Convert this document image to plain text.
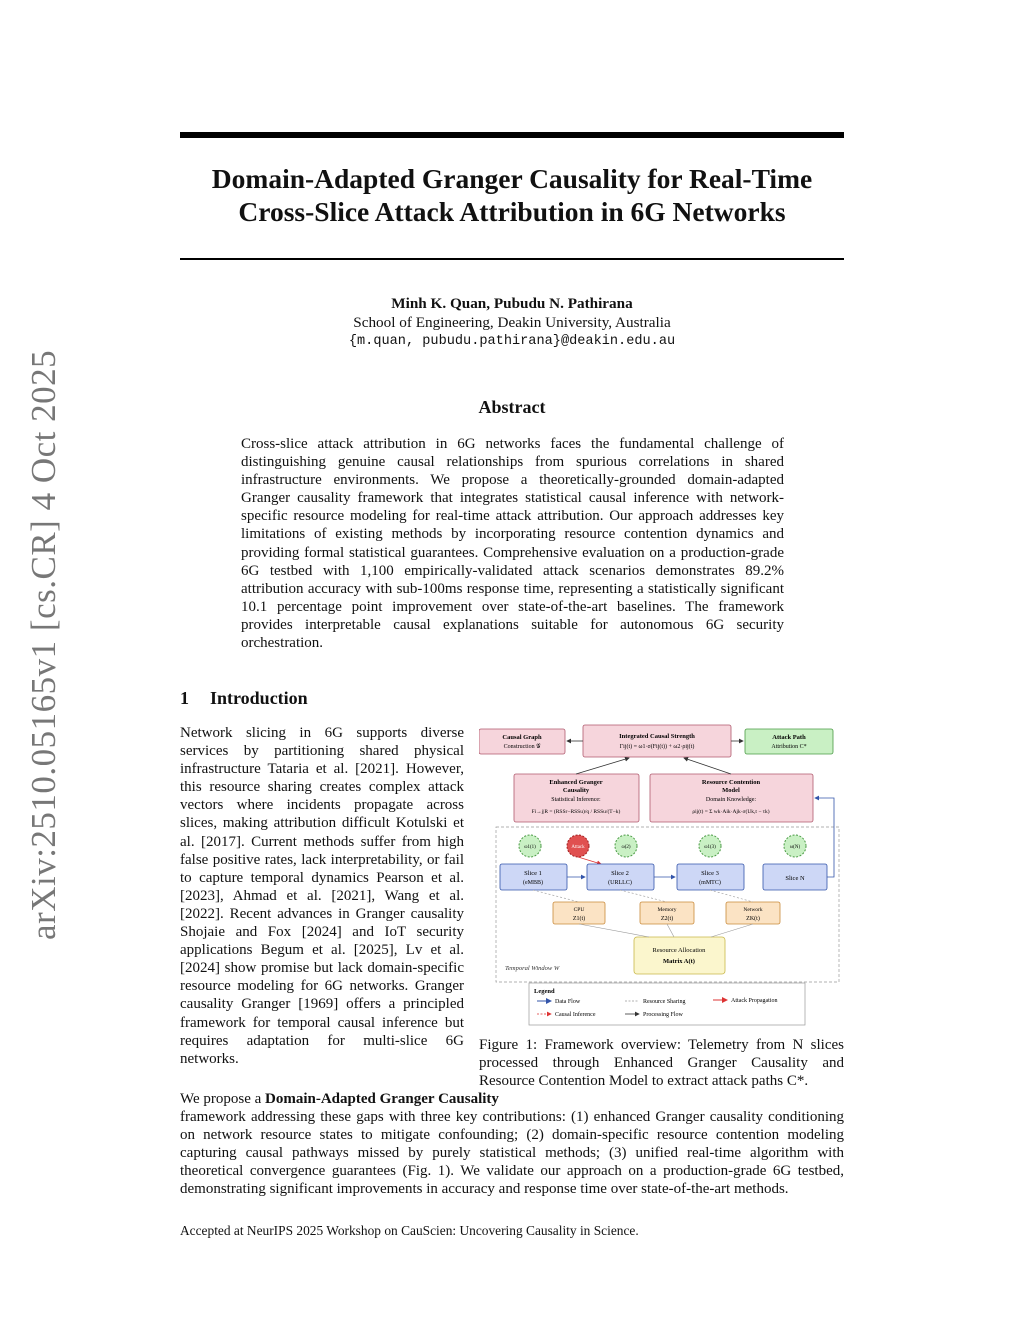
Domain-Adapted Granger Causality for Real-Time
Cross-Slice Attack Attribution in 6G Networks
Minh K. Quan, Pubudu N. Pathirana
School of Engineering, Deakin University, Australia
{m.quan, pubudu.pathirana}@deakin.edu.au
Abstract
Cross-slice attack attribution in 6G networks faces the fundamental challenge of distinguishing genuine causal relationships from spurious correlations in shared infrastructure environments. We propose a theoretically-grounded domain-adapted Granger causality framework that integrates statistical causal inference with network-specific resource modeling for real-time attack attribution. Our approach addresses key limitations of existing methods by incorporating resource contention dynamics and providing formal statistical guarantees. Comprehensive evaluation on a production-grade 6G testbed with 1,100 empirically-validated attack scenarios demonstrates 89.2% attribution accuracy with sub-100ms response time, representing a statistically significant 10.1 percentage point improvement over state-of-the-art baselines. The framework provides interpretable causal explanations suitable for autonomous 6G security orchestration.
1 Introduction
Network slicing in 6G supports diverse services by partitioning shared physical infrastructure Tataria et al. [2021]. However, this resource sharing creates complex attack vectors where incidents propagate across slices, making attribution difficult Kotulski et al. [2017]. Current methods suffer from high false positive rates, lack interpretability, or fail to capture temporal dynamics Pearson et al. [2023], Ahmad et al. [2021], Wang et al. [2022]. Recent advances in Granger causality Shojaie and Fox [2024] and IoT security applications Begum et al. [2025], Lv et al. [2024] show promise but lack domain-specific resource modeling for 6G networks. Granger causality Granger [1969] offers a principled framework for temporal causal inference but requires adaptation for multi-slice 6G networks.
We propose a Domain-Adapted Granger Causality
framework addressing these gaps with three key contributions: (1) enhanced Granger causality conditioning on network resource states to mitigate confounding; (2) domain-specific resource contention modeling capturing causal pathways missed by purely statistical methods; (3) unified real-time algorithm with theoretical convergence guarantees (Fig. 1). We validate our approach on a production-grade 6G testbed, demonstrating significant improvements in accuracy and response time over state-of-the-art methods.
Causal Graph
Construction 𝒢
Integrated Causal Strength
Γij(t) = ω1·σ(Fij(t)) + ω2·ρij(t)
Attack Path
Attribution C*
Enhanced Granger
Causality
Statistical Inference:
Fi→j|R = (RSSr−RSSu)/q / RSSu/(T−k)
Resource Contention
Model
Domain Knowledge:
ρij(t) = Σ wk·Aik·Ajk·σ(Uk,t − τk)
Temporal Window W
ω1(1)	Attack	ω(2)	ω1(3)	ω(N)
Slice 1
(eMBB)
Slice 2
(URLLC)
Slice 3
(mMTC)
Slice N
CPU
Z1(t)
Memory
Z2(t)
Network
ZK(t)
Resource Allocation
Matrix A(t)
Legend
Data Flow	Resource Sharing	Attack Propagation
Causal Inference	Processing Flow
Figure 1: Framework overview: Telemetry from N slices processed through Enhanced Granger Causality and Resource Contention Model to extract attack paths C*.
Accepted at NeurIPS 2025 Workshop on CauScien: Uncovering Causality in Science.
arXiv:2510.05165v1 [cs.CR] 4 Oct 2025
